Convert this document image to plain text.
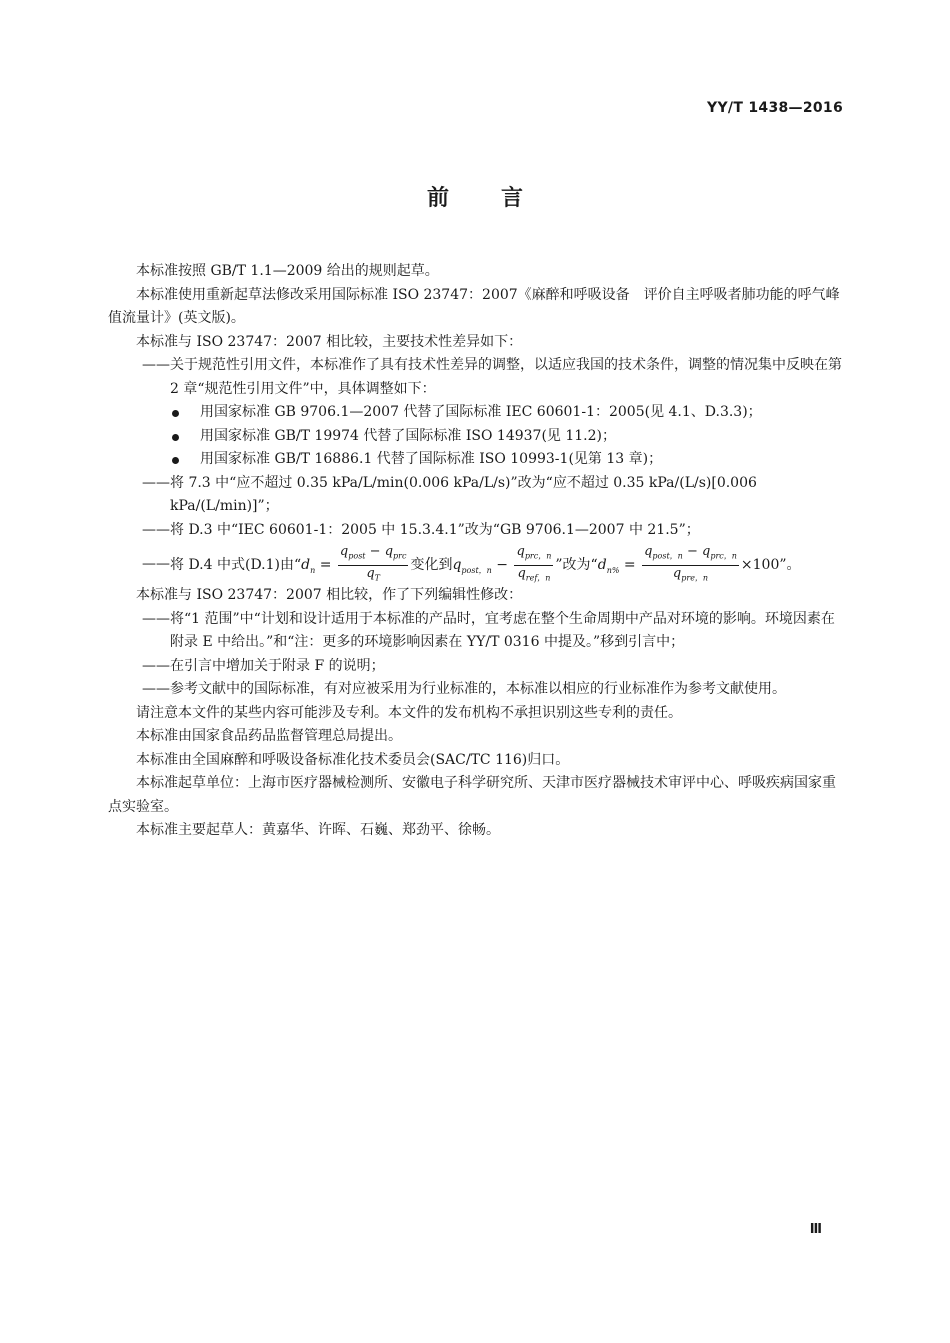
YY/T 1438—2016
前 言

本标准按照 GB/T 1.1—2009 给出的规则起草。

本标准使用重新起草法修改采用国际标准 ISO 23747：2007《麻醉和呼吸设备　评价自主呼吸者肺功能的呼气峰值流量计》(英文版)。

本标准与 ISO 23747：2007 相比较，主要技术性差异如下：

—— 关于规范性引用文件，本标准作了具有技术性差异的调整，以适应我国的技术条件，调整的情况集中反映在第 2 章“规范性引用文件”中，具体调整如下：

用国家标准 GB 9706.1—2007 代替了国际标准 IEC 60601-1：2005(见 4.1、D.3.3)；

用国家标准 GB/T 19974 代替了国际标准 ISO 14937(见 11.2)；

用国家标准 GB/T 16886.1 代替了国际标准 ISO 10993-1(见第 13 章)；

—— 将 7.3 中“应不超过 0.35 kPa/L/min(0.006 kPa/L/s)”改为“应不超过 0.35 kPa/(L/s)[0.006 kPa/(L/min)]”；

—— 将 D.3 中“IEC 60601-1：2005 中 15.3.4.1”改为“GB 9706.1—2007 中 21.5”；

—— 将 D.4 中式(D.1)由“$d_n = \frac{q_{post} - q_{prc}}{q_T}$ 变化到$q_{post,n} - \frac{q_{prc,n}}{q_{ref,n}}$ ”改为“$d_{n\%} = \frac{q_{post,n} - q_{prc,n}}{q_{pre,n}} \times 100$”。

本标准与 ISO 23747：2007 相比较，作了下列编辑性修改：

—— 将“1 范围”中“计划和设计适用于本标准的产品时，宜考虑在整个生命周期中产品对环境的影响。环境因素在附录 E 中给出。”和“注：更多的环境影响因素在 YY/T 0316 中提及。”移到引言中；

—— 在引言中增加关于附录 F 的说明；

—— 参考文献中的国际标准，有对应被采用为行业标准的，本标准以相应的行业标准作为参考文献使用。

请注意本文件的某些内容可能涉及专利。本文件的发布机构不承担识别这些专利的责任。

本标准由国家食品药品监督管理总局提出。

本标准由全国麻醉和呼吸设备标准化技术委员会(SAC/TC 116)归口。

本标准起草单位：上海市医疗器械检测所、安徽电子科学研究所、天津市医疗器械技术审评中心、呼吸疾病国家重点实验室。

本标准主要起草人：黄嘉华、许晖、石巍、郑劲平、徐畅。

Ⅲ
